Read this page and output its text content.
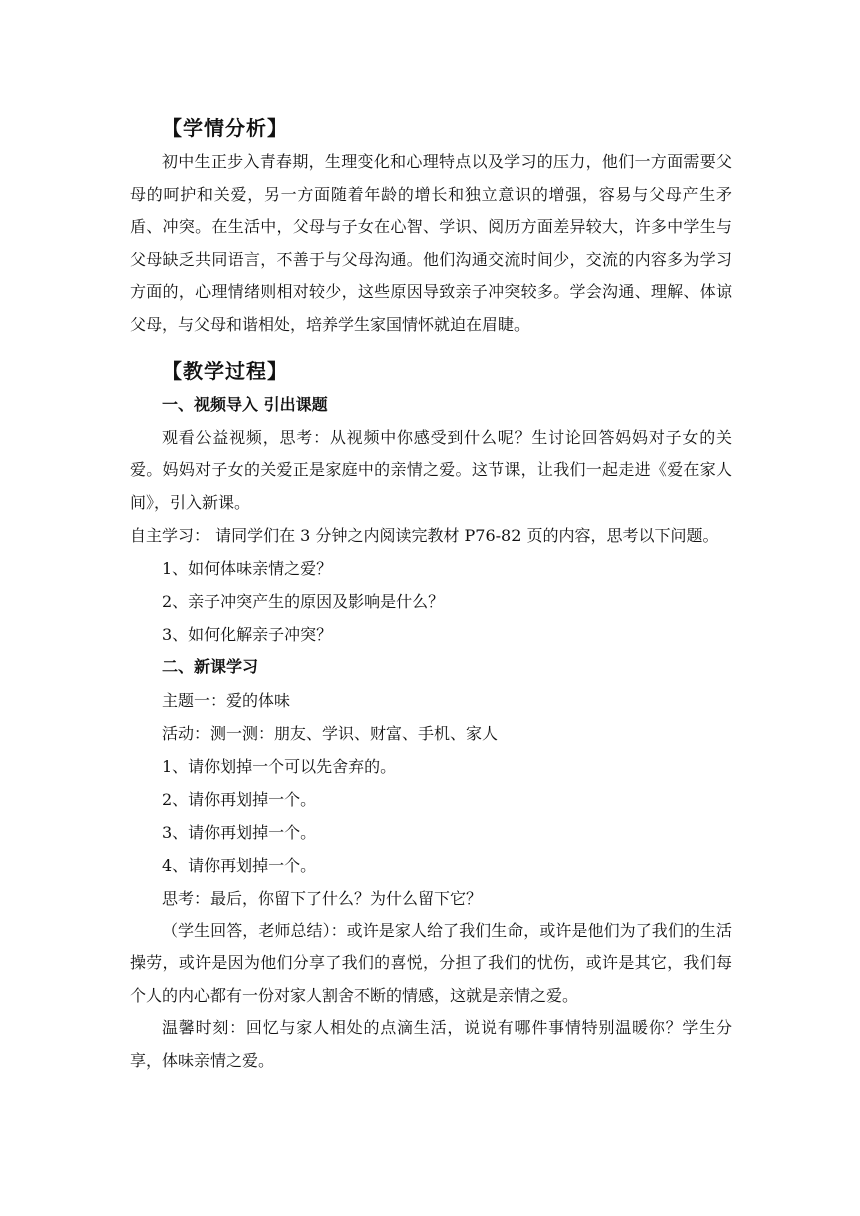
【学情分析】

初中生正步入青春期，生理变化和心理特点以及学习的压力，他们一方面需要父母的呵护和关爱，另一方面随着年龄的增长和独立意识的增强，容易与父母产生矛盾、冲突。在生活中，父母与子女在心智、学识、阅历方面差异较大，许多中学生与父母缺乏共同语言，不善于与父母沟通。他们沟通交流时间少，交流的内容多为学习方面的，心理情绪则相对较少，这些原因导致亲子冲突较多。学会沟通、理解、体谅父母，与父母和谐相处，培养学生家国情怀就迫在眉睫。

【教学过程】
一、视频导入 引出课题

观看公益视频，思考：从视频中你感受到什么呢？生讨论回答妈妈对子女的关爱。妈妈对子女的关爱正是家庭中的亲情之爱。这节课，让我们一起走进《爱在家人间》，引入新课。

自主学习： 请同学们在 3 分钟之内阅读完教材 P76-82 页的内容，思考以下问题。

1、如何体味亲情之爱？

2、亲子冲突产生的原因及影响是什么？

3、如何化解亲子冲突？

二、新课学习

主题一：爱的体味

活动：测一测：朋友、学识、财富、手机、家人

1、请你划掉一个可以先舍弃的。

2、请你再划掉一个。

3、请你再划掉一个。

4、请你再划掉一个。

思考：最后，你留下了什么？为什么留下它？

（学生回答，老师总结）：或许是家人给了我们生命，或许是他们为了我们的生活操劳，或许是因为他们分享了我们的喜悦，分担了我们的忧伤，或许是其它，我们每个人的内心都有一份对家人割舍不断的情感，这就是亲情之爱。

温馨时刻：回忆与家人相处的点滴生活，说说有哪件事情特别温暖你？学生分享，体味亲情之爱。
